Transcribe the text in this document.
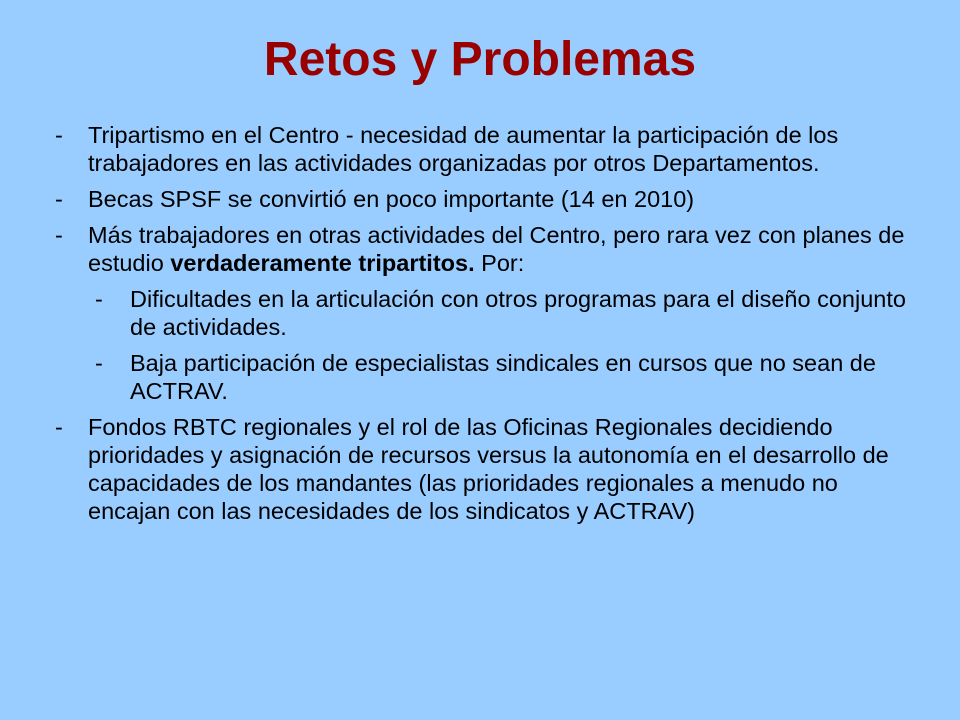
Retos y Problemas
- Tripartismo en el Centro - necesidad de aumentar la participación de los trabajadores en las actividades organizadas por otros Departamentos.
- Becas SPSF se convirtió en poco importante (14 en 2010)
- Más trabajadores en otras actividades del Centro, pero rara vez con planes de estudio verdaderamente tripartitos. Por:
- Dificultades en la articulación con otros programas para el diseño conjunto de actividades.
- Baja participación de especialistas sindicales en cursos que no sean de ACTRAV.
- Fondos RBTC regionales y el rol de las Oficinas Regionales decidiendo prioridades y asignación de recursos versus la autonomía en el desarrollo de capacidades de los mandantes (las prioridades regionales a menudo no encajan con las necesidades de los sindicatos y ACTRAV)
